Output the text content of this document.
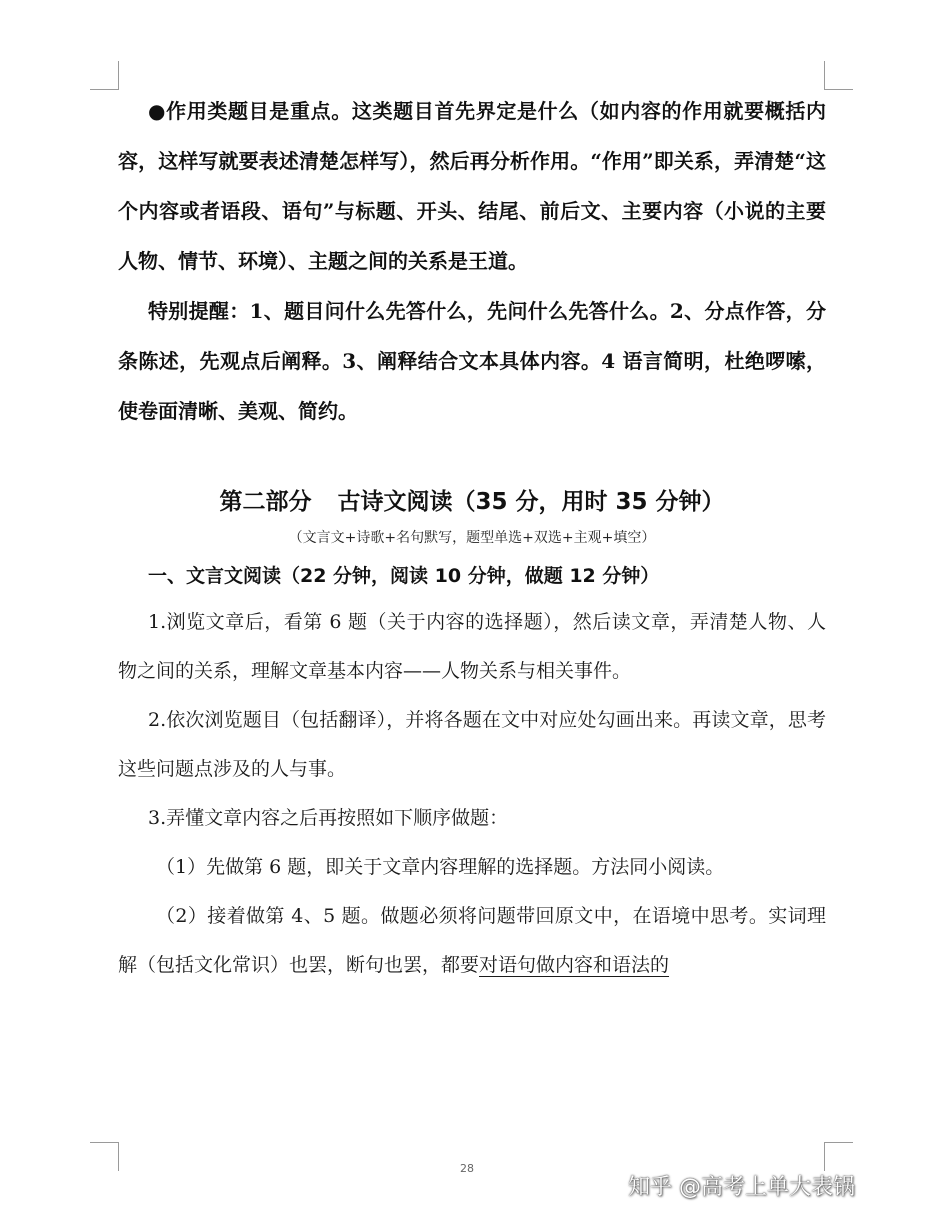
●作用类题目是重点。这类题目首先界定是什么（如内容的作用就要概括内容，这样写就要表述清楚怎样写），然后再分析作用。“作用”即关系，弄清楚“这个内容或者语段、语句”与标题、开头、结尾、前后文、主要内容（小说的主要人物、情节、环境）、主题之间的关系是王道。

特别提醒：1、题目问什么先答什么，先问什么先答什么。2、分点作答，分条陈述，先观点后阐释。3、阐释结合文本具体内容。4 语言简明，杜绝啰嗦，使卷面清晰、美观、简约。

第二部分 古诗文阅读（35 分，用时 35 分钟）

（文言文+诗歌+名句默写，题型单选+双选+主观+填空）

一、文言文阅读（22 分钟，阅读 10 分钟，做题 12 分钟）

1.浏览文章后，看第 6 题（关于内容的选择题），然后读文章，弄清楚人物、人物之间的关系，理解文章基本内容——人物关系与相关事件。

2.依次浏览题目（包括翻译），并将各题在文中对应处勾画出来。再读文章，思考这些问题点涉及的人与事。

3.弄懂文章内容之后再按照如下顺序做题：

（1）先做第 6 题，即关于文章内容理解的选择题。方法同小阅读。

（2）接着做第 4、5 题。做题必须将问题带回原文中，在语境中思考。实词理解（包括文化常识）也罢，断句也罢，都要对语句做内容和语法的

28
知乎 @高考上单大表锅
